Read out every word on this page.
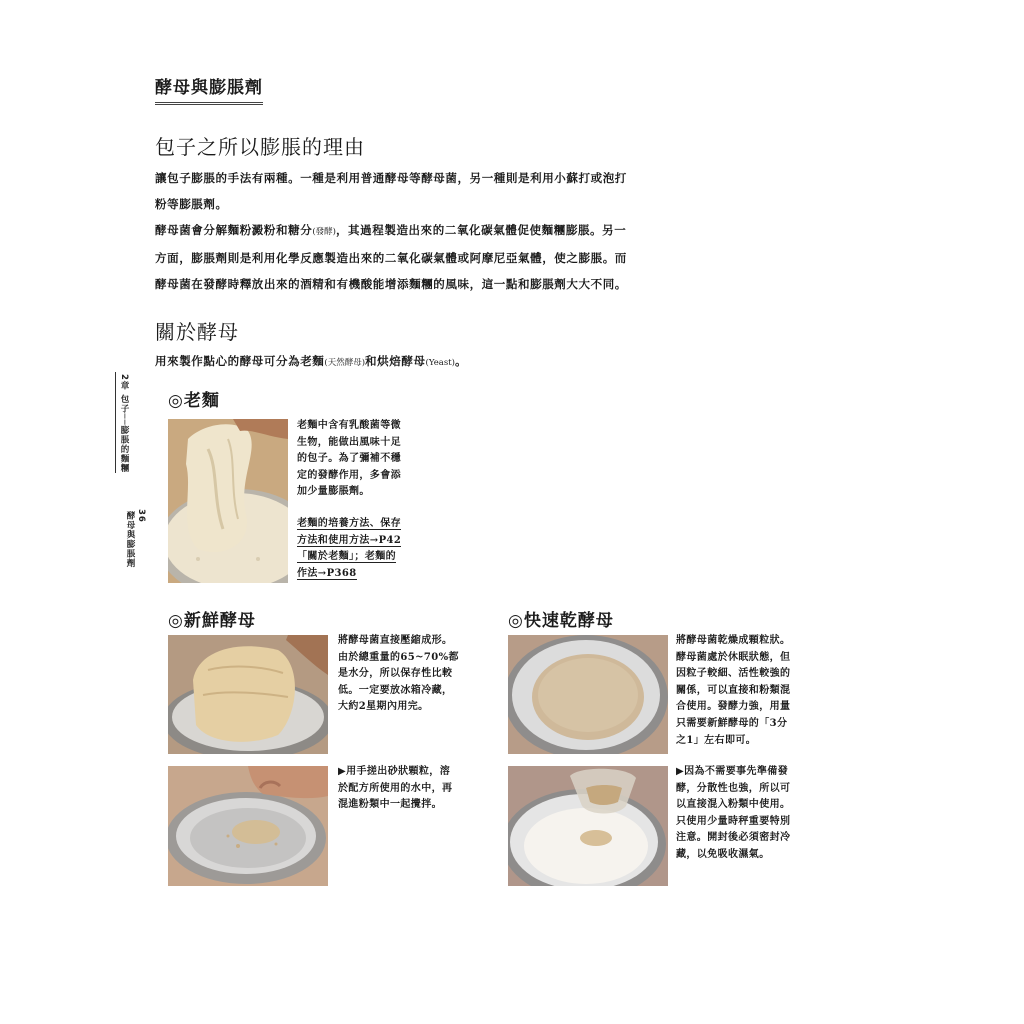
酵母與膨脹劑
包子之所以膨脹的理由
讓包子膨脹的手法有兩種。一種是利用普通酵母等酵母菌，另一種則是利用小蘇打或泡打
粉等膨脹劑。
酵母菌會分解麵粉澱粉和糖分(發酵)，其過程製造出來的二氧化碳氣體促使麵糰膨脹。另一
方面，膨脹劑則是利用化學反應製造出來的二氧化碳氣體或阿摩尼亞氣體，使之膨脹。而
酵母菌在發酵時釋放出來的酒精和有機酸能增添麵糰的風味，這一點和膨脹劑大大不同。
關於酵母
用來製作點心的酵母可分為老麵(天然酵母)和烘焙酵母(Yeast)。
2章 包子──膨脹的麵糰
36
酵母與膨脹劑
◎老麵
老麵中含有乳酸菌等微
生物，能做出風味十足
的包子。為了彌補不穩
定的發酵作用，多會添
加少量膨脹劑。
老麵的培養方法、保存
方法和使用方法→P42
「關於老麵」；老麵的
作法→P368
◎新鮮酵母
將酵母菌直接壓縮成形。
由於總重量的65~70%都
是水分，所以保存性比較
低。一定要放冰箱冷藏，
大約2星期內用完。
▶用手搓出砂狀顆粒，溶
於配方所使用的水中，再
混進粉類中一起攪拌。
◎快速乾酵母
將酵母菌乾燥成顆粒狀。
酵母菌處於休眠狀態，但
因粒子較細、活性較強的
關係，可以直接和粉類混
合使用。發酵力強，用量
只需要新鮮酵母的「3分
之1」左右即可。
▶因為不需要事先準備發
酵，分散性也強，所以可
以直接混入粉類中使用。
只使用少量時秤重要特別
注意。開封後必須密封冷
藏，以免吸收濕氣。
